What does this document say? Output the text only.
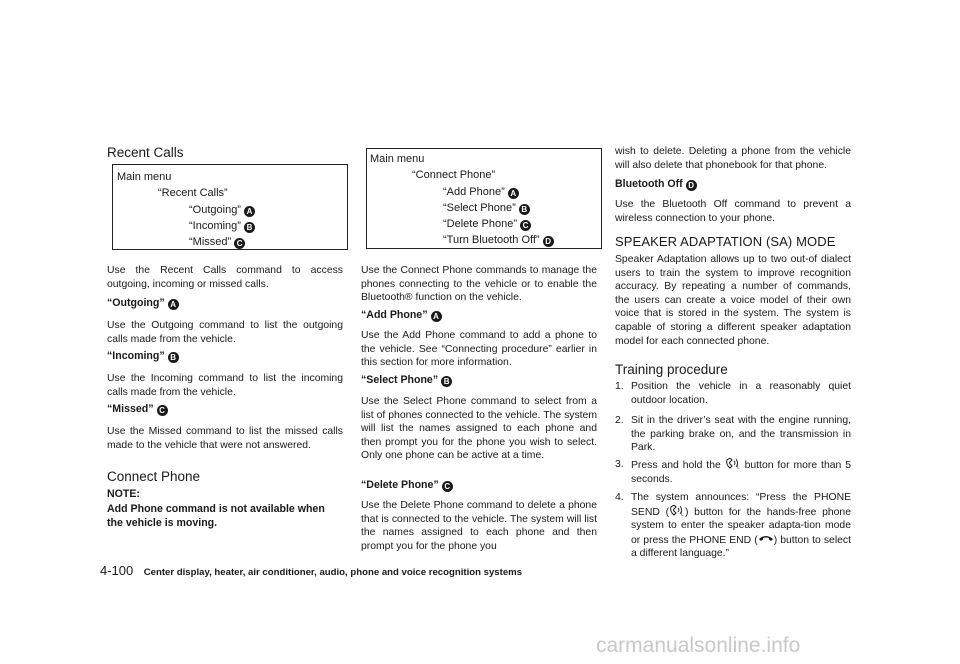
Recent Calls
Main menu
“Recent Calls”
“Outgoing” A
“Incoming” B
“Missed” C

Use the Recent Calls command to access outgoing, incoming or missed calls.

“Outgoing” A

Use the Outgoing command to list the outgoing calls made from the vehicle.

“Incoming” B

Use the Incoming command to list the incoming calls made from the vehicle.

“Missed” C

Use the Missed command to list the missed calls made to the vehicle that were not answered.

Connect Phone
NOTE:
Add Phone command is not available when the vehicle is moving.
Main menu
“Connect Phone”
“Add Phone” A
“Select Phone” B
“Delete Phone” C
“Turn Bluetooth Off” D

Use the Connect Phone commands to manage the phones connecting to the vehicle or to enable the Bluetooth® function on the vehicle.

“Add Phone” A

Use the Add Phone command to add a phone to the vehicle. See “Connecting procedure” earlier in this section for more information.

“Select Phone” B

Use the Select Phone command to select from a list of phones connected to the vehicle. The system will list the names assigned to each phone and then prompt you for the phone you wish to select. Only one phone can be active at a time.

“Delete Phone” C

Use the Delete Phone command to delete a phone that is connected to the vehicle. The system will list the names assigned to each phone and then prompt you for the phone you

wish to delete. Deleting a phone from the vehicle will also delete that phonebook for that phone.

Bluetooth Off D

Use the Bluetooth Off command to prevent a wireless connection to your phone.

SPEAKER ADAPTATION (SA) MODE

Speaker Adaptation allows up to two out-of dialect users to train the system to improve recognition accuracy. By repeating a number of commands, the users can create a voice model of their own voice that is stored in the system. The system is capable of storing a different speaker adaptation model for each connected phone.

Training procedure
1. Position the vehicle in a reasonably quiet outdoor location.
2. Sit in the driver’s seat with the engine running, the parking brake on, and the transmission in Park.
3. Press and hold the	L button for more than 5 seconds.
4. The system announces: “Press the PHONE SEND ( L ) button for the hands-free phone system to enter the speaker adapta-tion mode or press the PHONE END ( ) button to select a different language.”
4-100 Center display, heater, air conditioner, audio, phone and voice recognition systems
carmanualsonline.info
